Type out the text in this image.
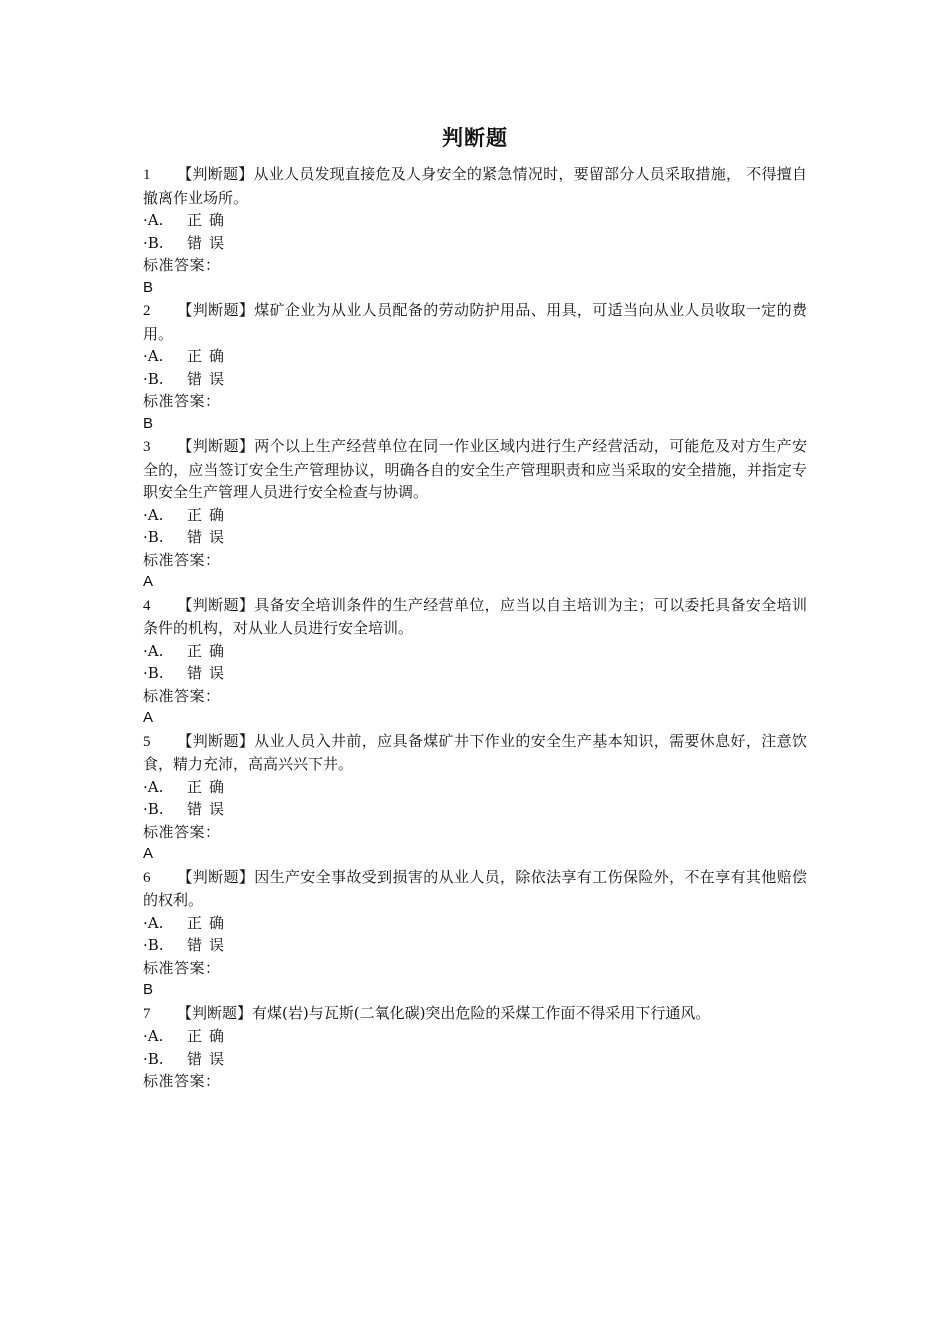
判断题
1 【判断题】从业人员发现直接危及人身安全的紧急情况时，要留部分人员采取措施， 不得擅自撤离作业场所。
·A. 正确
·B. 错误
标准答案：
B
2 【判断题】煤矿企业为从业人员配备的劳动防护用品、用具，可适当向从业人员收取一定的费用。
·A. 正确
·B. 错误
标准答案：
B
3 【判断题】两个以上生产经营单位在同一作业区域内进行生产经营活动，可能危及对方生产安全的，应当签订安全生产管理协议，明确各自的安全生产管理职责和应当采取的安全措施，并指定专职安全生产管理人员进行安全检查与协调。
·A. 正确
·B. 错误
标准答案：
A
4 【判断题】具备安全培训条件的生产经营单位，应当以自主培训为主；可以委托具备安全培训条件的机构，对从业人员进行安全培训。
·A. 正确
·B. 错误
标准答案：
A
5 【判断题】从业人员入井前，应具备煤矿井下作业的安全生产基本知识，需要休息好，注意饮食，精力充沛，高高兴兴下井。
·A. 正确
·B. 错误
标准答案：
A
6 【判断题】因生产安全事故受到损害的从业人员，除依法享有工伤保险外，不在享有其他赔偿的权利。
·A. 正确
·B. 错误
标准答案：
B
7 【判断题】有煤(岩)与瓦斯(二氧化碳)突出危险的采煤工作面不得采用下行通风。
·A. 正确
·B. 错误
标准答案：
